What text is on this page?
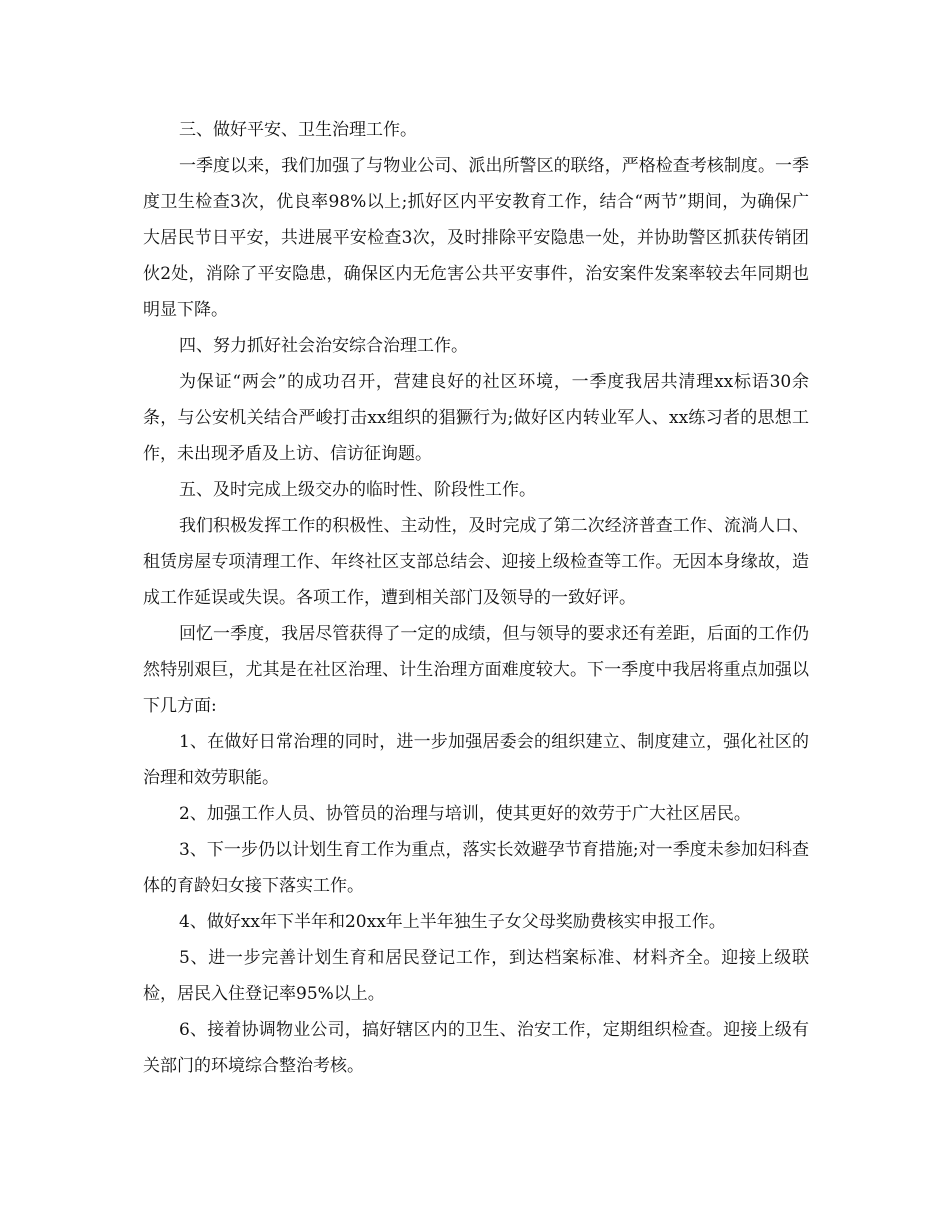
三、做好平安、卫生治理工作。

一季度以来，我们加强了与物业公司、派出所警区的联络，严格检查考核制度。一季度卫生检查3次，优良率98%以上;抓好区内平安教育工作，结合“两节”期间，为确保广大居民节日平安，共进展平安检查3次，及时排除平安隐患一处，并协助警区抓获传销团伙2处，消除了平安隐患，确保区内无危害公共平安事件，治安案件发案率较去年同期也明显下降。

四、努力抓好社会治安综合治理工作。

为保证“两会”的成功召开，营建良好的社区环境，一季度我居共清理xx标语30余条，与公安机关结合严峻打击xx组织的猖獗行为;做好区内转业军人、xx练习者的思想工作，未出现矛盾及上访、信访征询题。

五、及时完成上级交办的临时性、阶段性工作。

我们积极发挥工作的积极性、主动性，及时完成了第二次经济普查工作、流淌人口、租赁房屋专项清理工作、年终社区支部总结会、迎接上级检查等工作。无因本身缘故，造成工作延误或失误。各项工作，遭到相关部门及领导的一致好评。

回忆一季度，我居尽管获得了一定的成绩，但与领导的要求还有差距，后面的工作仍然特别艰巨，尤其是在社区治理、计生治理方面难度较大。下一季度中我居将重点加强以下几方面:

1、在做好日常治理的同时，进一步加强居委会的组织建立、制度建立，强化社区的治理和效劳职能。

2、加强工作人员、协管员的治理与培训，使其更好的效劳于广大社区居民。

3、下一步仍以计划生育工作为重点，落实长效避孕节育措施;对一季度未参加妇科查体的育龄妇女接下落实工作。

4、做好xx年下半年和20xx年上半年独生子女父母奖励费核实申报工作。

5、进一步完善计划生育和居民登记工作，到达档案标准、材料齐全。迎接上级联检，居民入住登记率95%以上。

6、接着协调物业公司，搞好辖区内的卫生、治安工作，定期组织检查。迎接上级有关部门的环境综合整治考核。
